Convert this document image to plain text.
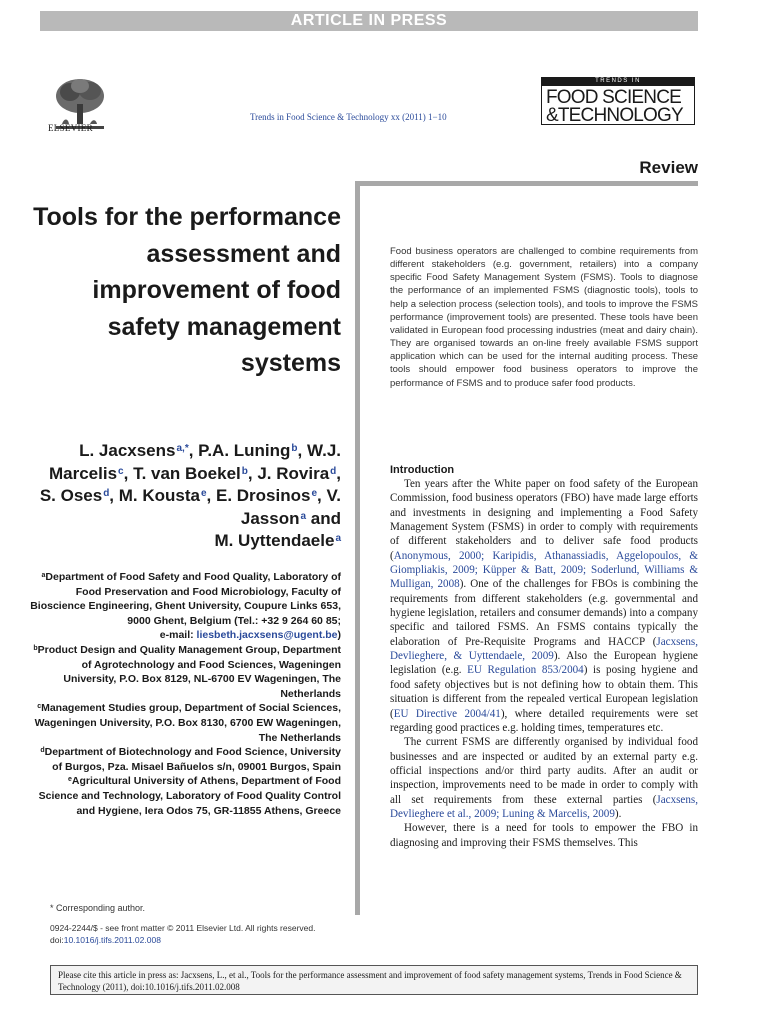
ARTICLE IN PRESS
ELSEVIER
Trends in Food Science & Technology xx (2011) 1−10
TRENDS IN
FOOD SCIENCE
&TECHNOLOGY
Review
Tools for the performance assessment and improvement of food safety management systems
L. Jacxsens$^{a,*}$, P.A. Luning$^b$, W.J. Marcelis$^c$, T. van Boekel$^b$, J. Rovira$^d$, S. Oses$^d$, M. Kousta$^e$, E. Drosinos$^e$, V. Jasson$^a$ and
M. Uyttendaele$^a$

$^a$Department of Food Safety and Food Quality, Laboratory of Food Preservation and Food Microbiology, Faculty of Bioscience Engineering, Ghent University, Coupure Links 653, 9000 Ghent, Belgium (Tel.: +32 9 264 60 85;
e-mail: liesbeth.jacxsens@ugent.be)

$^b$Product Design and Quality Management Group, Department of Agrotechnology and Food Sciences, Wageningen University, P.O. Box 8129, NL-6700 EV Wageningen, The Netherlands

$^c$Management Studies group, Department of Social Sciences, Wageningen University, P.O. Box 8130, 6700 EW Wageningen, The Netherlands

$^d$Department of Biotechnology and Food Science, University of Burgos, Pza. Misael Bañuelos s/n, 09001 Burgos, Spain

$^e$Agricultural University of Athens, Department of Food Science and Technology, Laboratory of Food Quality Control and Hygiene, Iera Odos 75, GR-11855 Athens, Greece

* Corresponding author.
0924-2244/$ - see front matter © 2011 Elsevier Ltd. All rights reserved.
doi:10.1016/j.tifs.2011.02.008

Food business operators are challenged to combine requirements from different stakeholders (e.g. government, retailers) into a company specific Food Safety Management System (FSMS). Tools to diagnose the performance of an implemented FSMS (diagnostic tools), tools to help a selection process (selection tools), and tools to improve the FSMS performance (improvement tools) are presented. These tools have been validated in European food processing industries (meat and dairy chain). They are organised towards an on-line freely available FSMS support application which can be used for the internal auditing process. These tools should empower food business operators to improve the performance of FSMS and to produce safer food products.

Introduction

Ten years after the White paper on food safety of the European Commission, food business operators (FBO) have made large efforts and investments in designing and implementing a Food Safety Management System (FSMS) in order to comply with requirements of different stakeholders and to deliver safe food products (Anonymous, 2000; Karipidis, Athanassiadis, Aggelopoulos, & Giompliakis, 2009; Küpper & Batt, 2009; Soderlund, Williams & Mulligan, 2008). One of the challenges for FBOs is combining the requirements from different stakeholders (e.g. governmental and hygiene legislation, retailers and consumer demands) into a company specific and tailored FSMS. An FSMS contains typically the elaboration of Pre-Requisite Programs and HACCP (Jacxsens, Devlieghere, & Uyttendaele, 2009). Also the European hygiene legislation (e.g. EU Regulation 853/2004) is posing hygiene and food safety objectives but is not defining how to obtain them. This situation is different from the repealed vertical European legislation (EU Directive 2004/41), where detailed requirements were set regarding good practices e.g. holding times, temperatures etc.

The current FSMS are differently organised by individual food businesses and are inspected or audited by an external party e.g. official inspections and/or third party audits. After an audit or inspection, improvements need to be made in order to comply with all set requirements from these external parties (Jacxsens, Devlieghere et al., 2009; Luning & Marcelis, 2009).

However, there is a need for tools to empower the FBO in diagnosing and improving their FSMS themselves. This

Please cite this article in press as: Jacxsens, L., et al., Tools for the performance assessment and improvement of food safety management systems, Trends in Food Science & Technology (2011), doi:10.1016/j.tifs.2011.02.008
